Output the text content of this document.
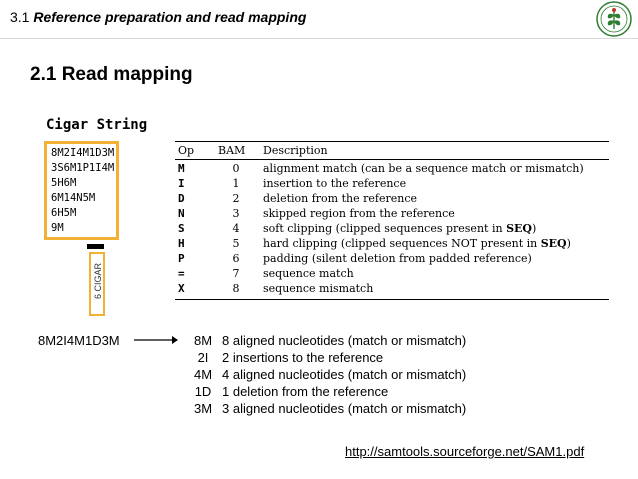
3.1 Reference preparation and read mapping
2.1 Read mapping
Cigar String
8M2I4M1D3M
3S6M1P1I4M
5H6M
6M14N5M
6H5M
9M
6 CIGAR
Op BAM Description
M	0	alignment match (can be a sequence match or mismatch)
I	1	insertion to the reference
D	2	deletion from the reference
N	3	skipped region from the reference
S	4	soft clipping (clipped sequences present in SEQ)
H	5	hard clipping (clipped sequences NOT present in SEQ)
P	6	padding (silent deletion from padded reference)
=	7	sequence match
X	8	sequence mismatch
8M2I4M1D3M	8M 8 aligned nucleotides (match or mismatch)
2I	2 insertions to the reference
4M 4 aligned nucleotides (match or mismatch)
1D 1 deletion from the reference
3M 3 aligned nucleotides (match or mismatch)
http://samtools.sourceforge.net/SAM1.pdf
